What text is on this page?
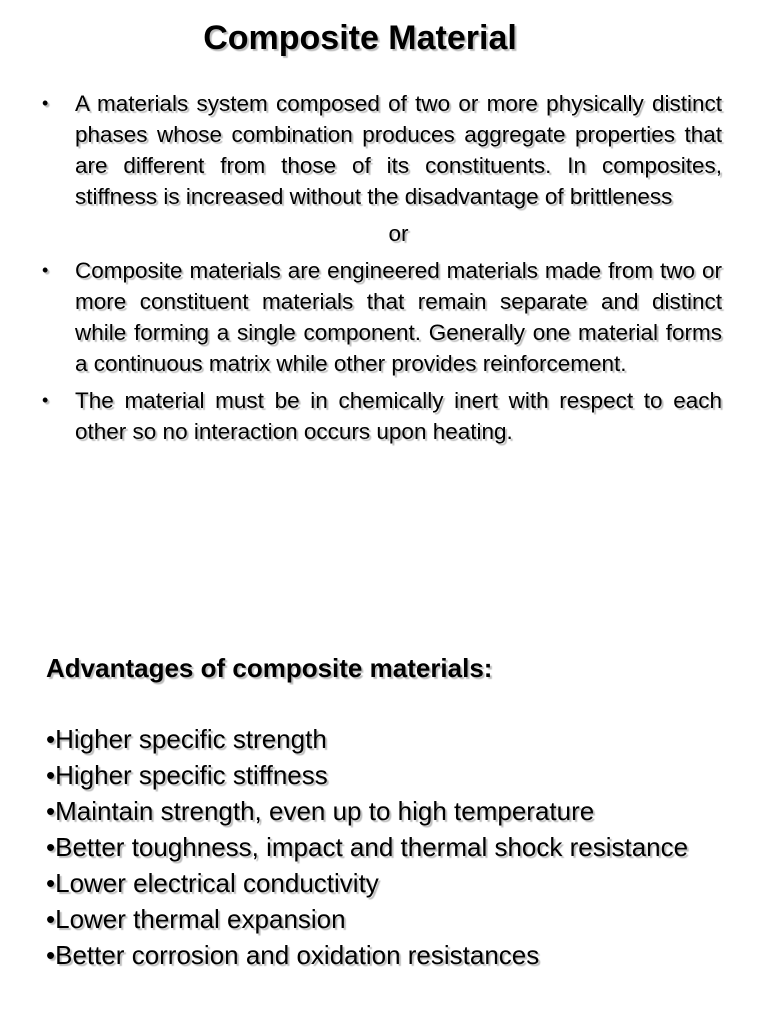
Composite Material
• A materials system composed of two or more physically distinct phases whose combination produces aggregate properties that are different from those of its constituents. In composites, stiffness is increased without the disadvantage of brittleness
or
• Composite materials are engineered materials made from two or more constituent materials that remain separate and distinct while forming a single component. Generally one material forms a continuous matrix while other provides reinforcement.
• The material must be in chemically inert with respect to each other so no interaction occurs upon heating.
Advantages of composite materials:
•Higher specific strength
•Higher specific stiffness
•Maintain strength, even up to high temperature
•Better toughness, impact and thermal shock resistance
•Lower electrical conductivity
•Lower thermal expansion
•Better corrosion and oxidation resistances
